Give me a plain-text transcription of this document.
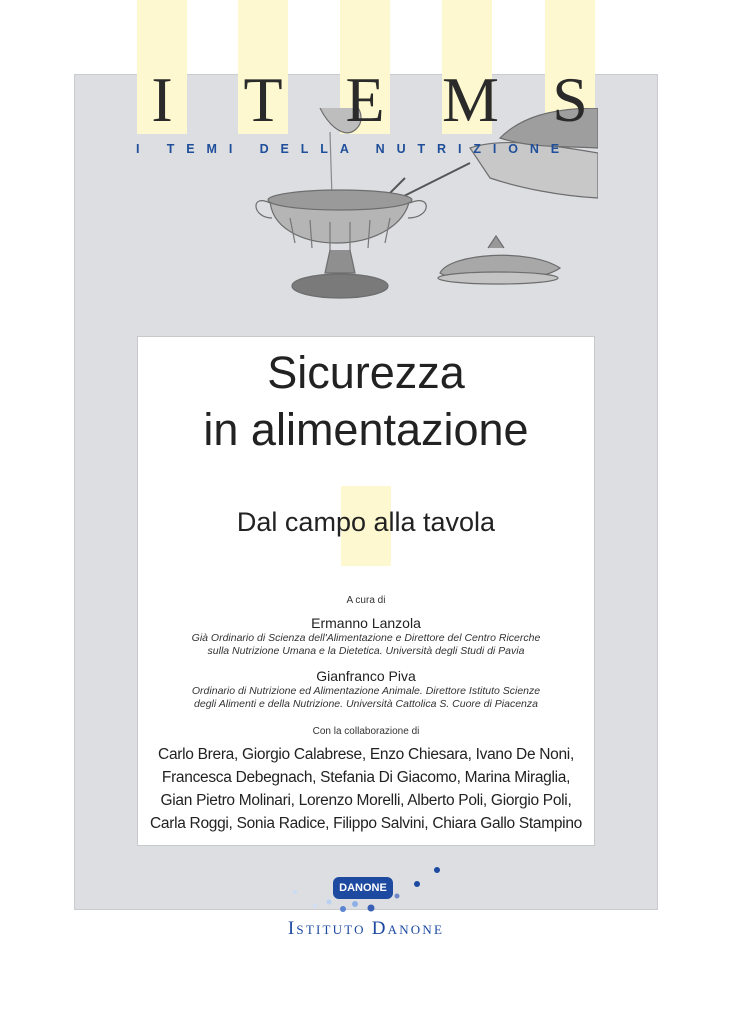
I T E M S
I TEMI DELLA NUTRIZIONE
Sicurezza
in alimentazione
Dal campo alla tavola
A cura di
Ermanno Lanzola
Già Ordinario di Scienza dell'Alimentazione e Direttore del Centro Ricerche
sulla Nutrizione Umana e la Dietetica. Università degli Studi di Pavia
Gianfranco Piva
Ordinario di Nutrizione ed Alimentazione Animale. Direttore Istituto Scienze
degli Alimenti e della Nutrizione. Università Cattolica S. Cuore di Piacenza
Con la collaborazione di
Carlo Brera, Giorgio Calabrese, Enzo Chiesara, Ivano De Noni,
Francesca Debegnach, Stefania Di Giacomo, Marina Miraglia,
Gian Pietro Molinari, Lorenzo Morelli, Alberto Poli, Giorgio Poli,
Carla Roggi, Sonia Radice, Filippo Salvini, Chiara Gallo Stampino
DANONE
Istituto Danone
